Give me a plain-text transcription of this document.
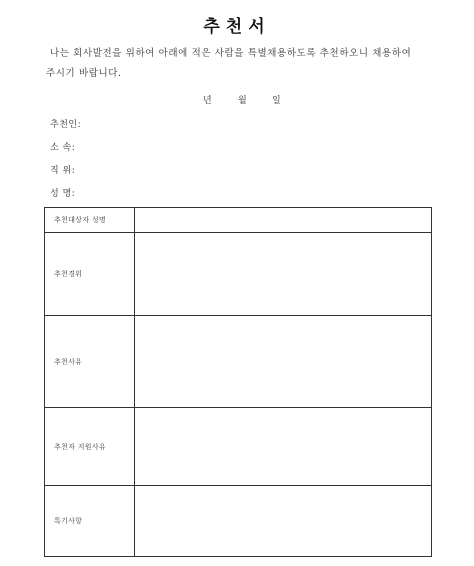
추천서
나는 회사발전을 위하여 아래에 적은 사람을 특별채용하도록 추천하오니 채용하여 주시기 바랍니다.
년	월	일
추천인:
소 속:
직 위:
성 명:
추천대상자 성명	
추천경위	
추천사유	
추천자 지원사유	
특기사항	
